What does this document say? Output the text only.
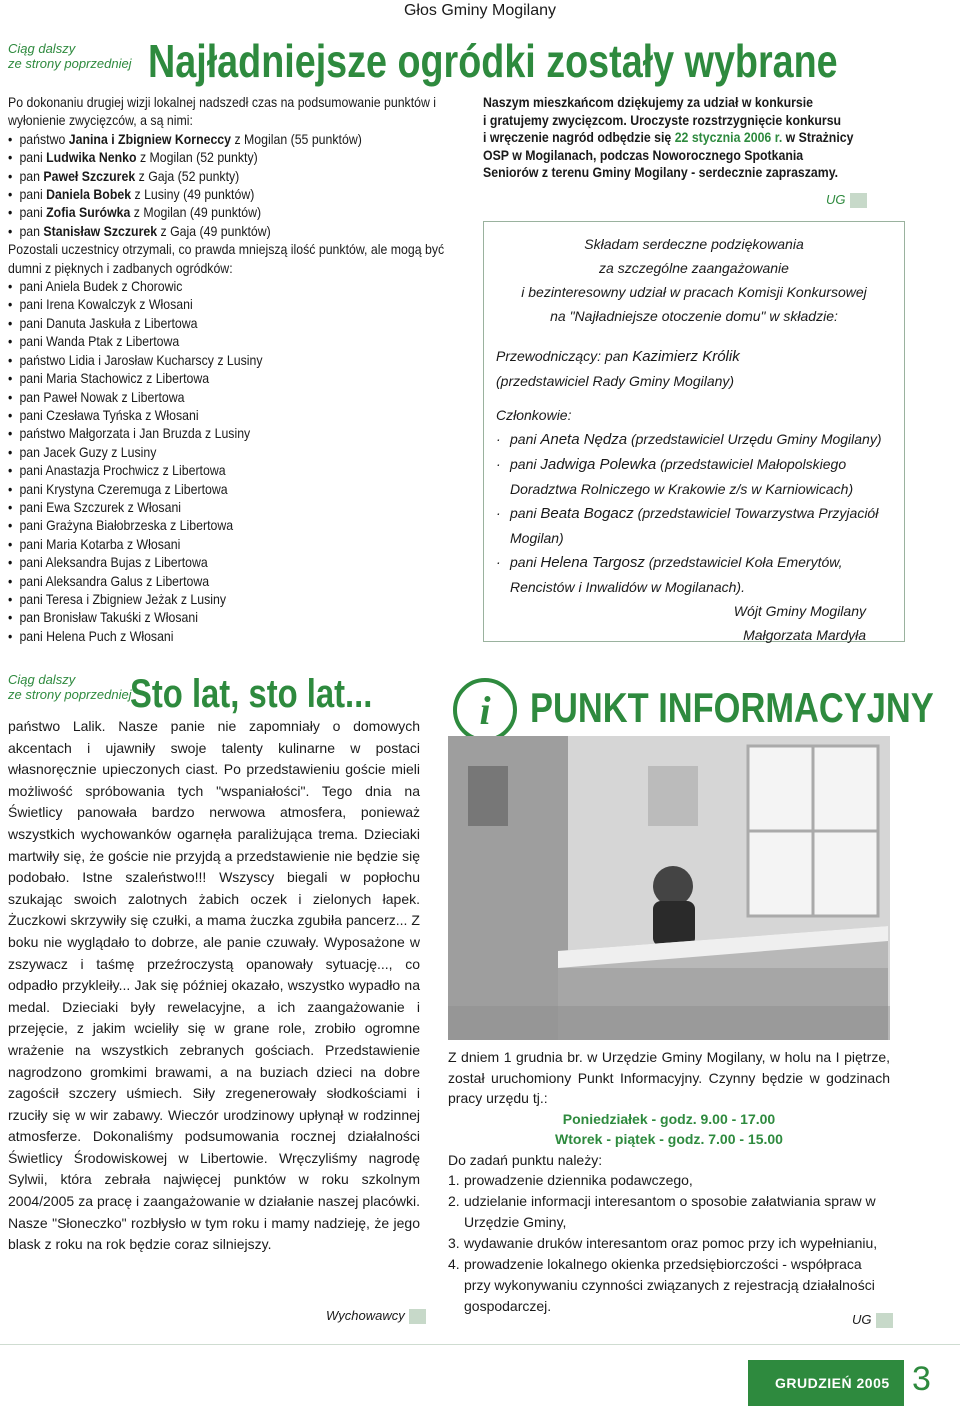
Głos Gminy Mogilany
Ciąg dalszy
ze strony poprzedniej Najładniejsze ogródki zostały wybrane
Po dokonaniu drugiej wizji lokalnej nadszedł czas na podsumowanie punktów i wyłonienie zwycięzców, a są nimi:
• państwo Janina i Zbigniew Korneccy z Mogilan (55 punktów)
• pani Ludwika Nenko z Mogilan (52 punkty)
• pan Paweł Szczurek z Gaja (52 punkty)
• pani Daniela Bobek z Lusiny (49 punktów)
• pani Zofia Surówka z Mogilan (49 punktów)
• pan Stanisław Szczurek z Gaja (49 punktów)
Pozostali uczestnicy otrzymali, co prawda mniejszą ilość punktów, ale mogą być dumni z pięknych i zadbanych ogródków:
• pani Aniela Budek z Chorowic
• pani Irena Kowalczyk z Włosani
• pani Danuta Jaskuła z Libertowa
• pani Wanda Ptak z Libertowa
• państwo Lidia i Jarosław Kucharscy z Lusiny
• pani Maria Stachowicz z Libertowa
• pan Paweł Nowak z Libertowa
• pani Czesława Tyńska z Włosani
• państwo Małgorzata i Jan Bruzda z Lusiny
• pan Jacek Guzy z Lusiny
• pani Anastazja Prochwicz z Libertowa
• pani Krystyna Czeremuga z Libertowa
• pani Ewa Szczurek z Włosani
• pani Grażyna Białobrzeska z Libertowa
• pani Maria Kotarba z Włosani
• pani Aleksandra Bujas z Libertowa
• pani Aleksandra Galus z Libertowa
• pani Teresa i Zbigniew Jeżak z Lusiny
• pan Bronisław Takuśki z Włosani
• pani Helena Puch z Włosani
Naszym mieszkańcom dziękujemy za udział w konkursie
i gratujemy zwycięzcom. Uroczyste rozstrzygnięcie konkursu
i wręczenie nagród odbędzie się 22 stycznia 2006 r. w Strażnicy
OSP w Mogilanach, podczas Noworocznego Spotkania
Seniorów z terenu Gminy Mogilany - serdecznie zapraszamy.
UG
Składam serdeczne podziękowania
za szczególne zaangażowanie
i bezinteresowny udział w pracach Komisji Konkursowej
na "Najładniejsze otoczenie domu" w składzie:
Przewodniczący: pan Kazimierz Królik
(przedstawiciel Rady Gminy Mogilany)
Członkowie:
· pani Aneta Nędza (przedstawiciel Urzędu Gminy Mogilany)
· pani Jadwiga Polewka (przedstawiciel Małopolskiego Doradztwa Rolniczego w Krakowie z/s w Karniowicach)
· pani Beata Bogacz (przedstawiciel Towarzystwa Przyjaciół Mogilan)
· pani Helena Targosz (przedstawiciel Koła Emerytów, Rencistów i Inwalidów w Mogilanach).
Wójt Gminy Mogilany
Małgorzata Mardyła
Ciąg dalszy
ze strony poprzedniej
Sto lat, sto lat...
państwo Lalik. Nasze panie nie zapomniały o domowych akcentach i ujawniły swoje talenty kulinarne w postaci własnoręcznie upieczonych ciast. Po przedstawieniu goście mieli możliwość spróbowania tych "wspaniałości". Tego dnia na Świetlicy panowała bardzo nerwowa atmosfera, ponieważ wszystkich wychowanków ogarnęła paraliżująca trema. Dzieciaki martwiły się, że goście nie przyjdą a przedstawienie nie będzie się podobało. Istne szaleństwo!!! Wszyscy biegali w popłochu szukając swoich zalotnych żabich oczek i zielonych łapek. Żuczkowi skrzywiły się czułki, a mama żuczka zgubiła pancerz... Z boku nie wyglądało to dobrze, ale panie czuwały. Wyposażone w zszywacz i taśmę przeźroczystą opanowały sytuację..., co odpadło przykleiły... Jak się później okazało, wszystko wypadło na medal. Dzieciaki były rewelacyjne, a ich zaangażowanie i przejęcie, z jakim wcieliły się w grane role, zrobiło ogromne wrażenie na wszystkich zebranych gościach. Przedstawienie nagrodzono gromkimi brawami, a na buziach dzieci na dobre zagościł szczery uśmiech. Siły zregenerowały słodkościami i rzuciły się w wir zabawy. Wieczór urodzinowy upłynął w rodzinnej atmosferze. Dokonaliśmy podsumowania rocznej działalności Świetlicy Środowiskowej w Libertowie. Wręczyliśmy nagrodę Sylwii, która zebrała najwięcej punktów w roku szkolnym 2004/2005 za pracę i zaangażowanie w działanie naszej placówki. Nasze "Słoneczko" rozbłysło w tym roku i mamy nadzieję, że jego blask z roku na rok będzie coraz silniejszy.
Wychowawcy
i PUNKT INFORMACYJNY
Z dniem 1 grudnia br. w Urzędzie Gminy Mogilany, w holu na I piętrze, został uruchomiony Punkt Informacyjny. Czynny będzie w godzinach pracy urzędu tj.:
Poniedziałek - godz. 9.00 - 17.00
Wtorek - piątek - godz. 7.00 - 15.00
Do zadań punktu należy:
1. prowadzenie dziennika podawczego,
2. udzielanie informacji interesantom o sposobie załatwiania spraw w Urzędzie Gminy,
3. wydawanie druków interesantom oraz pomoc przy ich wypełnianiu,
4. prowadzenie lokalnego okienka przedsiębiorczości - współpraca przy wykonywaniu czynności związanych z rejestracją działalności gospodarczej.
UG
GRUDZIEŃ 2005 3
